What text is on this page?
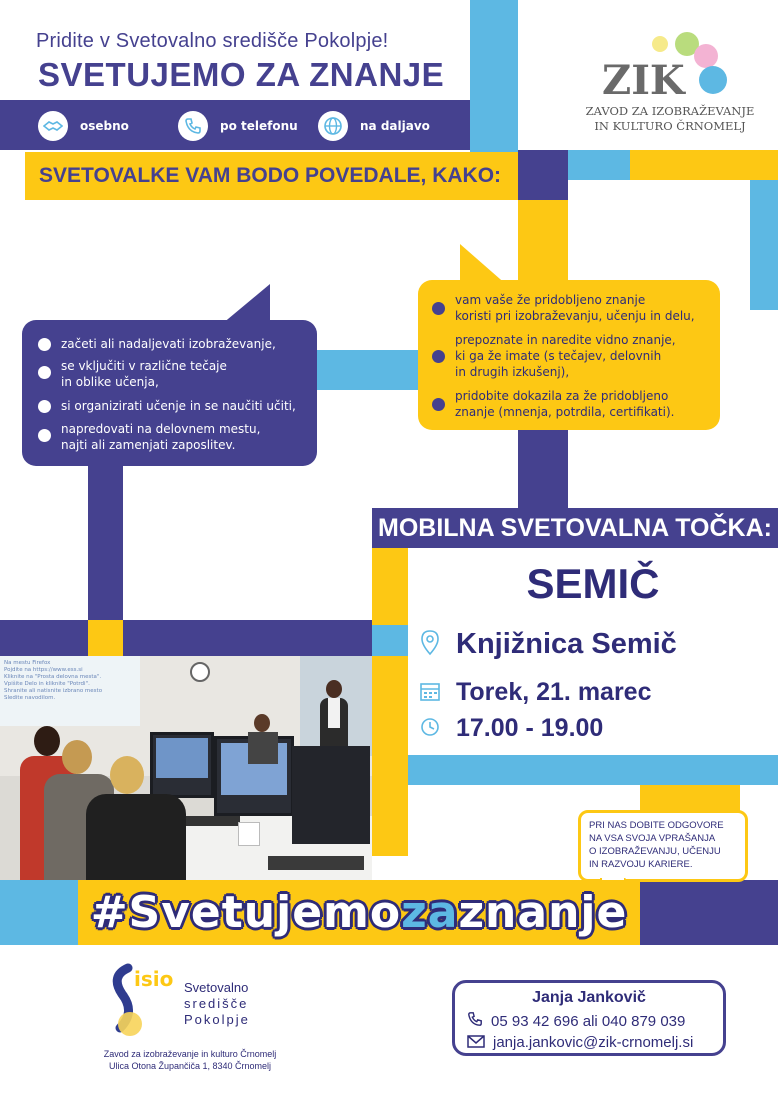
Pridite v Svetovalno središče Pokolpje!
SVETUJEMO ZA ZNANJE
osebno	po telefonu	na daljavo
ZIK
ZAVOD ZA IZOBRAŽEVANJE
IN KULTURO ČRNOMELJ
SVETOVALKE VAM BODO POVEDALE, KAKO:
začeti ali nadaljevati izobraževanje,
se vključiti v različne tečaje
in oblike učenja,
si organizirati učenje in se naučiti učiti,
napredovati na delovnem mestu,
najti ali zamenjati zaposlitev.
vam vaše že pridobljeno znanje
koristi pri izobraževanju, učenju in delu,
prepoznate in naredite vidno znanje,
ki ga že imate (s tečajev, delovnih
in drugih izkušenj),
pridobite dokazila za že pridobljeno
znanje (mnenja, potrdila, certifikati).
MOBILNA SVETOVALNA TOČKA:
SEMIČ
Knjižnica Semič
Torek, 21. marec
17.00 - 19.00
Na mestu Firefox
Pojdite na https://www.ess.si
Kliknite na "Prosta delovna mesta".
Vpišite Delo in kliknite "Potrdi".
Shranite ali natisnite izbrano mesto
Sledite navodilom.
PRI NAS DOBITE ODGOVORE
NA VSA SVOJA VPRAŠANJA
O IZOBRAŽEVANJU, UČENJU
IN RAZVOJU KARIERE.
#Svetujemozaznanje
isio Svetovalno
središče
Pokolpje
Zavod za izobraževanje in kulturo Črnomelj
Ulica Otona Župančiča 1, 8340 Črnomelj
Janja Jankovič
05 93 42 696 ali 040 879 039
janja.jankovic@zik-crnomelj.si
